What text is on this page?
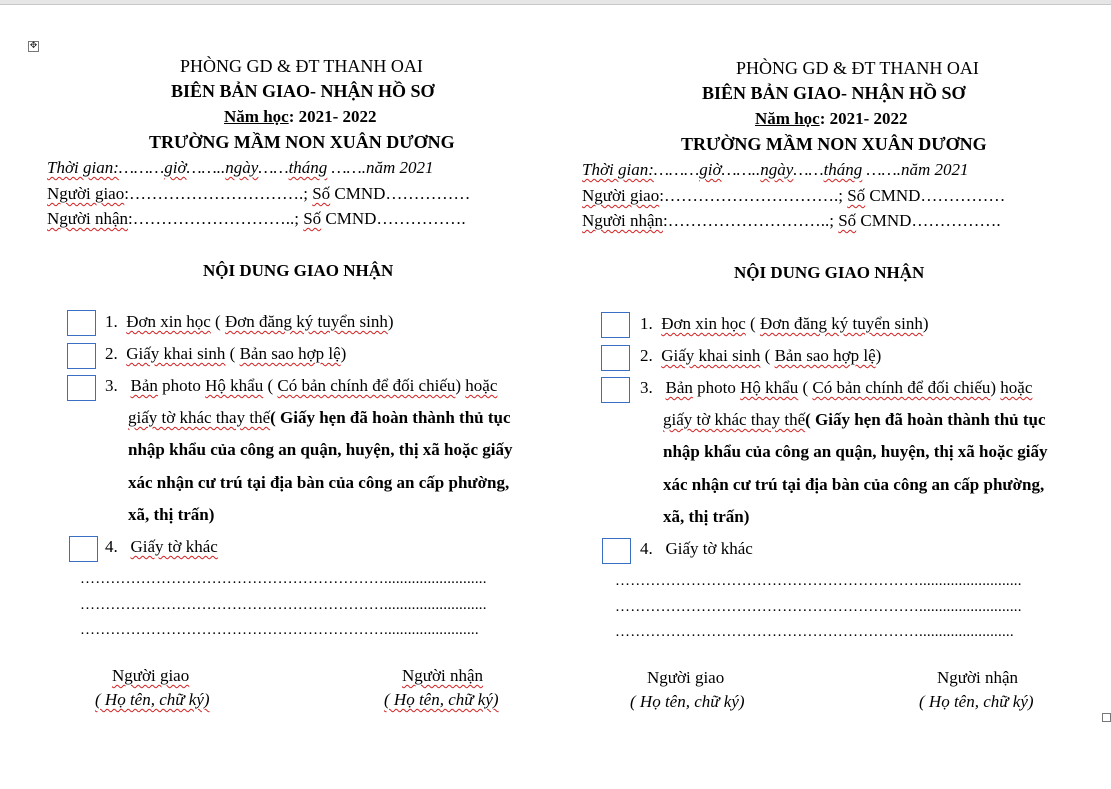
✥
PHÒNG GD & ĐT THANH OAI
BIÊN BẢN GIAO- NHẬN HỒ SƠ
Năm học: 2021- 2022
TRƯỜNG MẦM NON XUÂN DƯƠNG
Thời gian:………giờ……..ngày……tháng …….năm 2021
Người giao:………………………….; Số CMND……………
Người nhận:………………………..; Số CMND…………….
NỘI DUNG GIAO NHẬN
1. Đơn xin học ( Đơn đăng ký tuyển sinh)
2. Giấy khai sinh ( Bản sao hợp lệ)
3. Bản photo Hộ khẩu ( Có bản chính để đối chiếu) hoặc
giấy tờ khác thay thế( Giấy hẹn đã hoàn thành thủ tục
nhập khẩu của công an quận, huyện, thị xã hoặc giấy
xác nhận cư trú tại địa bàn của công an cấp phường,
xã, thị trấn)
4. Giấy tờ khác
……………………………………………………..........................
……………………………………………………..........................
……………………………………………………........................
Người giao
( Họ tên, chữ ký)
Người nhận
( Họ tên, chữ ký)
PHÒNG GD & ĐT THANH OAI
BIÊN BẢN GIAO- NHẬN HỒ SƠ
Năm học: 2021- 2022
TRƯỜNG MẦM NON XUÂN DƯƠNG
Thời gian:………giờ……..ngày……tháng …….năm 2021
Người giao:………………………….; Số CMND……………
Người nhận:………………………..; Số CMND…………….
NỘI DUNG GIAO NHẬN
1. Đơn xin học ( Đơn đăng ký tuyển sinh)
2. Giấy khai sinh ( Bản sao hợp lệ)
3. Bản photo Hộ khẩu ( Có bản chính để đối chiếu) hoặc
giấy tờ khác thay thế( Giấy hẹn đã hoàn thành thủ tục
nhập khẩu của công an quận, huyện, thị xã hoặc giấy
xác nhận cư trú tại địa bàn của công an cấp phường,
xã, thị trấn)
4. Giấy tờ khác
……………………………………………………..........................
……………………………………………………..........................
……………………………………………………........................
Người giao
( Họ tên, chữ ký)
Người nhận
( Họ tên, chữ ký)
